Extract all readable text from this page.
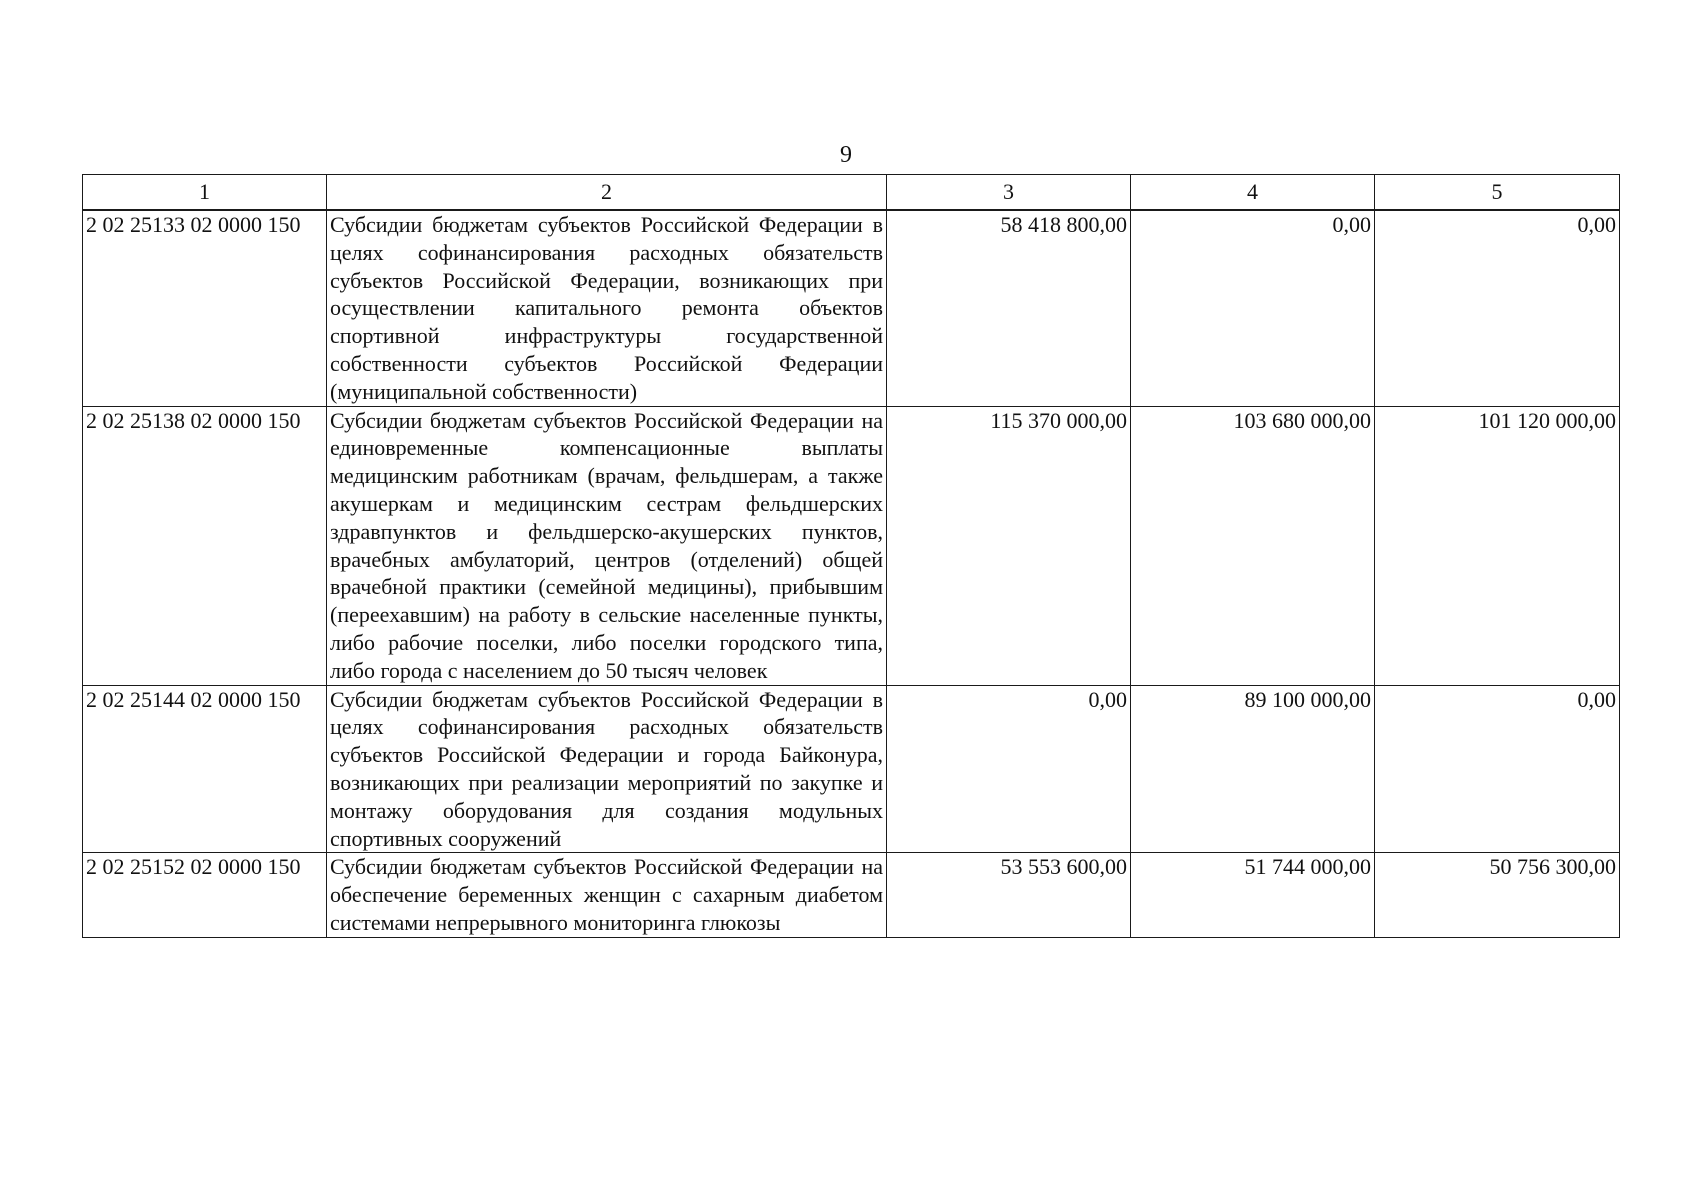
9
1	2	3	4	5
2 02 25133 02 0000 150	Субсидии бюджетам субъектов Российской Федерации в целях софинансирования расходных обязательств субъектов Российской Федерации, возникающих при осуществлении капитального ремонта объектов спортивной инфраструктуры государственной собственности субъектов Российской Федерации (муниципальной собственности)	58 418 800,00	0,00	0,00
2 02 25138 02 0000 150	Субсидии бюджетам субъектов Российской Федерации на единовременные компенсационные выплаты медицинским работникам (врачам, фельдшерам, а также акушеркам и медицинским сестрам фельдшерских здравпунктов и фельдшерско-акушерских пунктов, врачебных амбулаторий, центров (отделений) общей врачебной практики (семейной медицины), прибывшим (переехавшим) на работу в сельские населенные пункты, либо рабочие поселки, либо поселки городского типа, либо города с населением до 50 тысяч человек	115 370 000,00	103 680 000,00	101 120 000,00
2 02 25144 02 0000 150	Субсидии бюджетам субъектов Российской Федерации в целях софинансирования расходных обязательств субъектов Российской Федерации и города Байконура, возникающих при реализации мероприятий по закупке и монтажу оборудования для создания модульных спортивных сооружений	0,00	89 100 000,00	0,00
2 02 25152 02 0000 150	Субсидии бюджетам субъектов Российской Федерации на обеспечение беременных женщин с сахарным диабетом системами непрерывного мониторинга глюкозы	53 553 600,00	51 744 000,00	50 756 300,00
